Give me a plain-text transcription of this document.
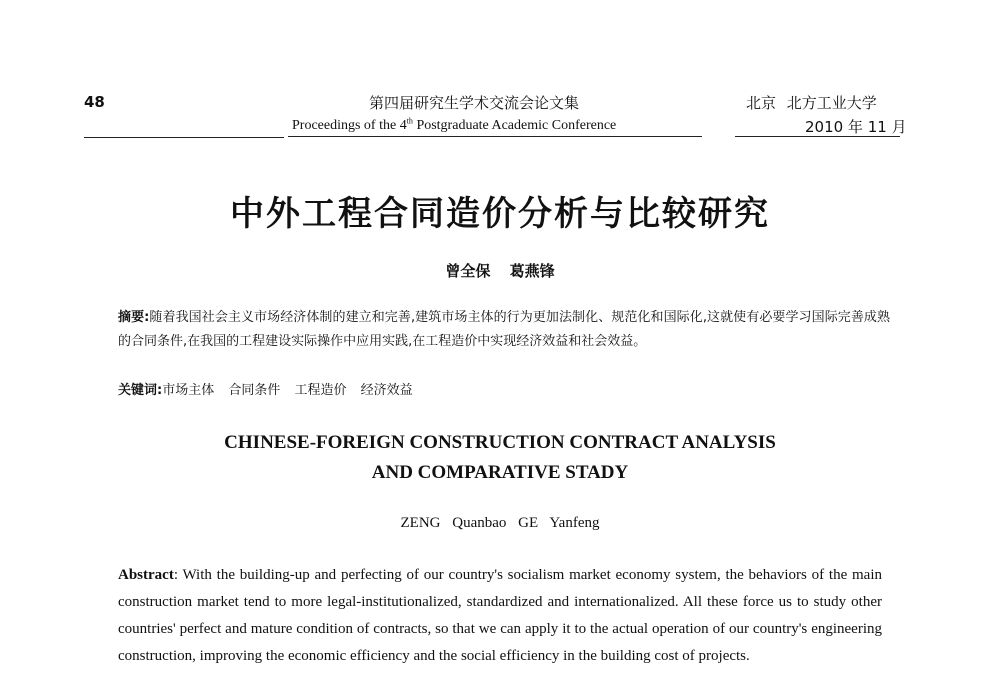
48	第四届研究生学术交流会论文集
Proceedings of the 4th Postgraduate Academic Conference
北京 北方工业大学
2010 年 11 月
中外工程合同造价分析与比较研究
曾全保 葛燕锋
摘要:随着我国社会主义市场经济体制的建立和完善,建筑市场主体的行为更加法制化、规范化和国际化,这就使有必要学习国际完善成熟的合同条件,在我国的工程建设实际操作中应用实践,在工程造价中实现经济效益和社会效益。
关键词:市场主体 合同条件 工程造价 经济效益
CHINESE-FOREIGN CONSTRUCTION CONTRACT ANALYSIS
AND COMPARATIVE STADY
ZENG Quanbao GE Yanfeng
Abstract: With the building-up and perfecting of our country's socialism market economy system, the behaviors of the main construction market tend to more legal-institutionalized, standardized and internationalized. All these force us to study other countries' perfect and mature condition of contracts, so that we can apply it to the actual operation of our country's engineering construction, improving the economic efficiency and the social efficiency in the building cost of projects.
